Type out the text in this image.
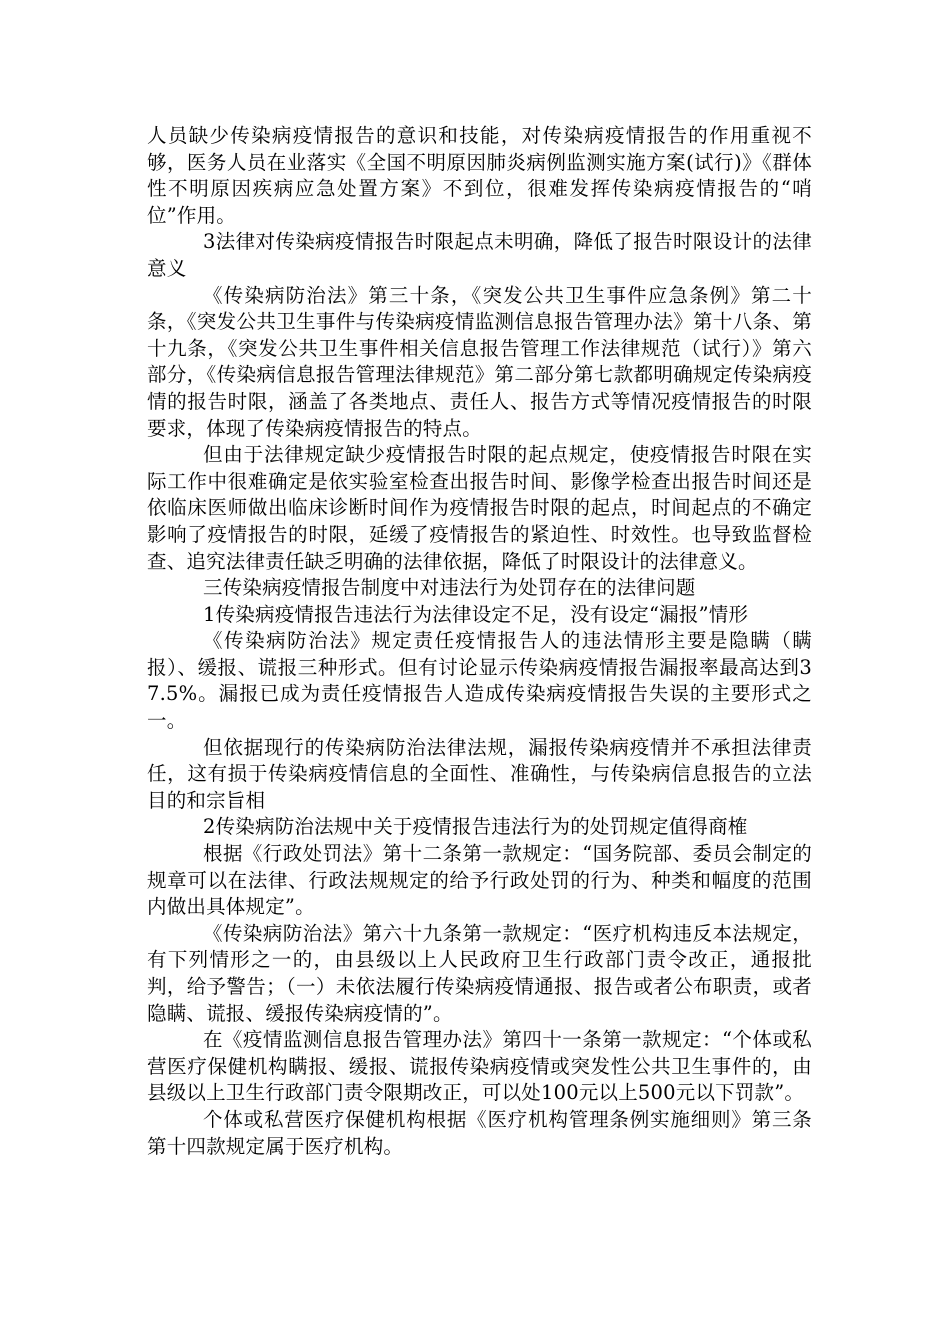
人员缺少传染病疫情报告的意识和技能，对传染病疫情报告的作用重视不够，医务人员在业落实《全国不明原因肺炎病例监测实施方案(试行)》《群体性不明原因疾病应急处置方案》不到位，很难发挥传染病疫情报告的“哨位”作用。

3法律对传染病疫情报告时限起点未明确，降低了报告时限设计的法律意义

《传染病防治法》第三十条，《突发公共卫生事件应急条例》第二十条，《突发公共卫生事件与传染病疫情监测信息报告管理办法》第十八条、第十九条，《突发公共卫生事件相关信息报告管理工作法律规范（试行）》第六部分，《传染病信息报告管理法律规范》第二部分第七款都明确规定传染病疫情的报告时限，涵盖了各类地点、责任人、报告方式等情况疫情报告的时限要求，体现了传染病疫情报告的特点。

但由于法律规定缺少疫情报告时限的起点规定，使疫情报告时限在实际工作中很难确定是依实验室检查出报告时间、影像学检查出报告时间还是依临床医师做出临床诊断时间作为疫情报告时限的起点，时间起点的不确定影响了疫情报告的时限，延缓了疫情报告的紧迫性、时效性。也导致监督检查、追究法律责任缺乏明确的法律依据，降低了时限设计的法律意义。

三传染病疫情报告制度中对违法行为处罚存在的法律问题

1传染病疫情报告违法行为法律设定不足，没有设定“漏报”情形

《传染病防治法》规定责任疫情报告人的违法情形主要是隐瞒（瞒报）、缓报、谎报三种形式。但有讨论显示传染病疫情报告漏报率最高达到37.5%。漏报已成为责任疫情报告人造成传染病疫情报告失误的主要形式之一。

但依据现行的传染病防治法律法规，漏报传染病疫情并不承担法律责任，这有损于传染病疫情信息的全面性、准确性，与传染病信息报告的立法目的和宗旨相

2传染病防治法规中关于疫情报告违法行为的处罚规定值得商榷

根据《行政处罚法》第十二条第一款规定：“国务院部、委员会制定的规章可以在法律、行政法规规定的给予行政处罚的行为、种类和幅度的范围内做出具体规定”。

《传染病防治法》第六十九条第一款规定：“医疗机构违反本法规定，有下列情形之一的，由县级以上人民政府卫生行政部门责令改正，通报批判，给予警告；（一）未依法履行传染病疫情通报、报告或者公布职责，或者隐瞒、谎报、缓报传染病疫情的”。

在《疫情监测信息报告管理办法》第四十一条第一款规定：“个体或私营医疗保健机构瞒报、缓报、谎报传染病疫情或突发性公共卫生事件的，由县级以上卫生行政部门责令限期改正，可以处100元以上500元以下罚款”。

个体或私营医疗保健机构根据《医疗机构管理条例实施细则》第三条第十四款规定属于医疗机构。
